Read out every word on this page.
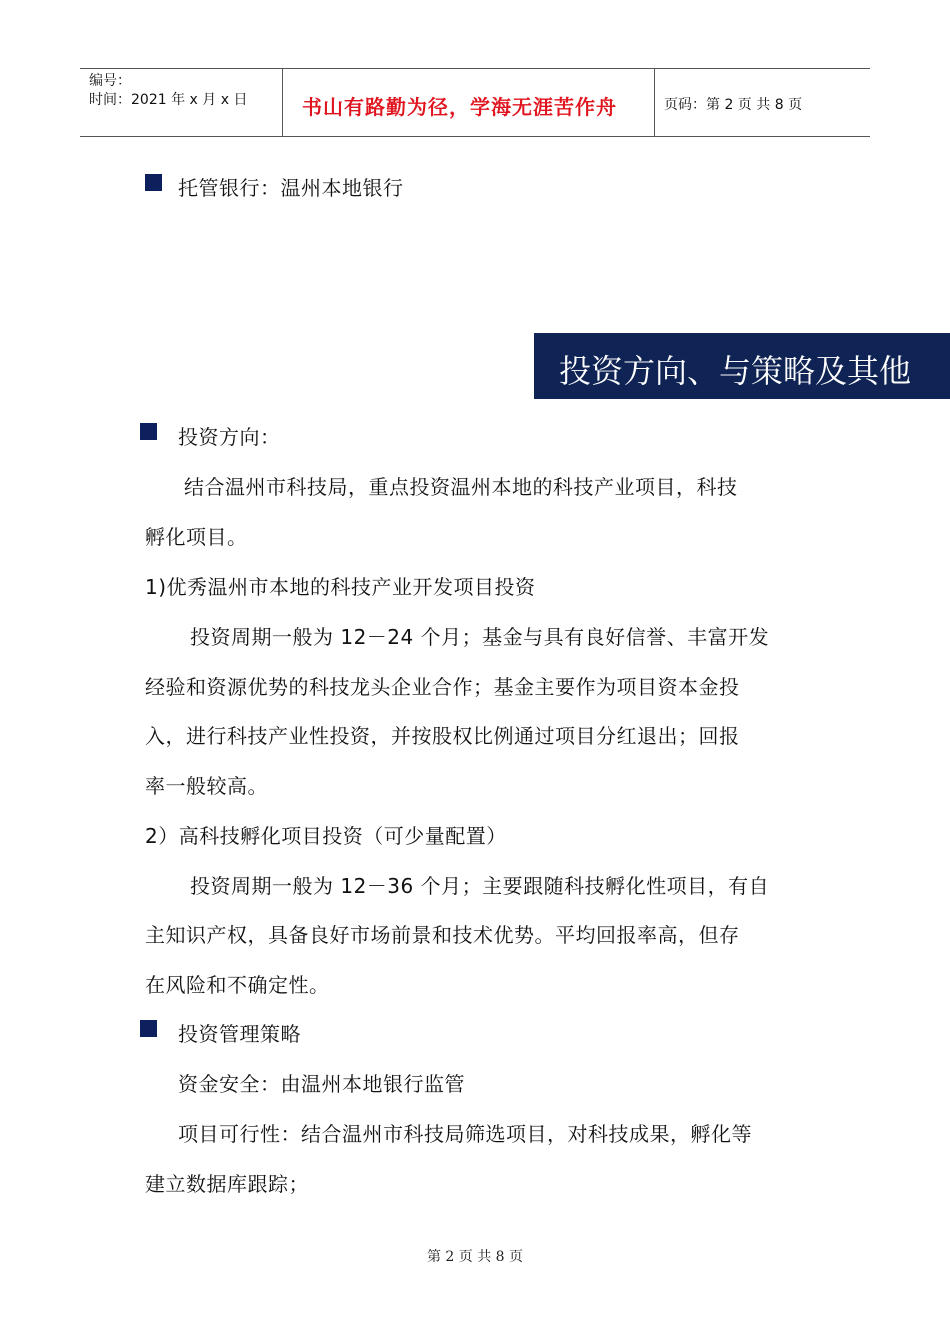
编号：
时间：2021 年 x 月 x 日	书山有路勤为径，学海无涯苦作舟	页码：第 2 页 共 8 页
托管银行：温州本地银行
投资方向、与策略及其他
投资方向：
结合温州市科技局，重点投资温州本地的科技产业项目，科技
孵化项目。
1)优秀温州市本地的科技产业开发项目投资
投资周期一般为 12－24 个月；基金与具有良好信誉、丰富开发
经验和资源优势的科技龙头企业合作；基金主要作为项目资本金投
入，进行科技产业性投资，并按股权比例通过项目分红退出；回报
率一般较高。
2）高科技孵化项目投资（可少量配置）
投资周期一般为 12－36 个月；主要跟随科技孵化性项目，有自
主知识产权，具备良好市场前景和技术优势。平均回报率高，但存
在风险和不确定性。
投资管理策略
资金安全：由温州本地银行监管
项目可行性：结合温州市科技局筛选项目，对科技成果，孵化等
建立数据库跟踪；
第 2 页 共 8 页
